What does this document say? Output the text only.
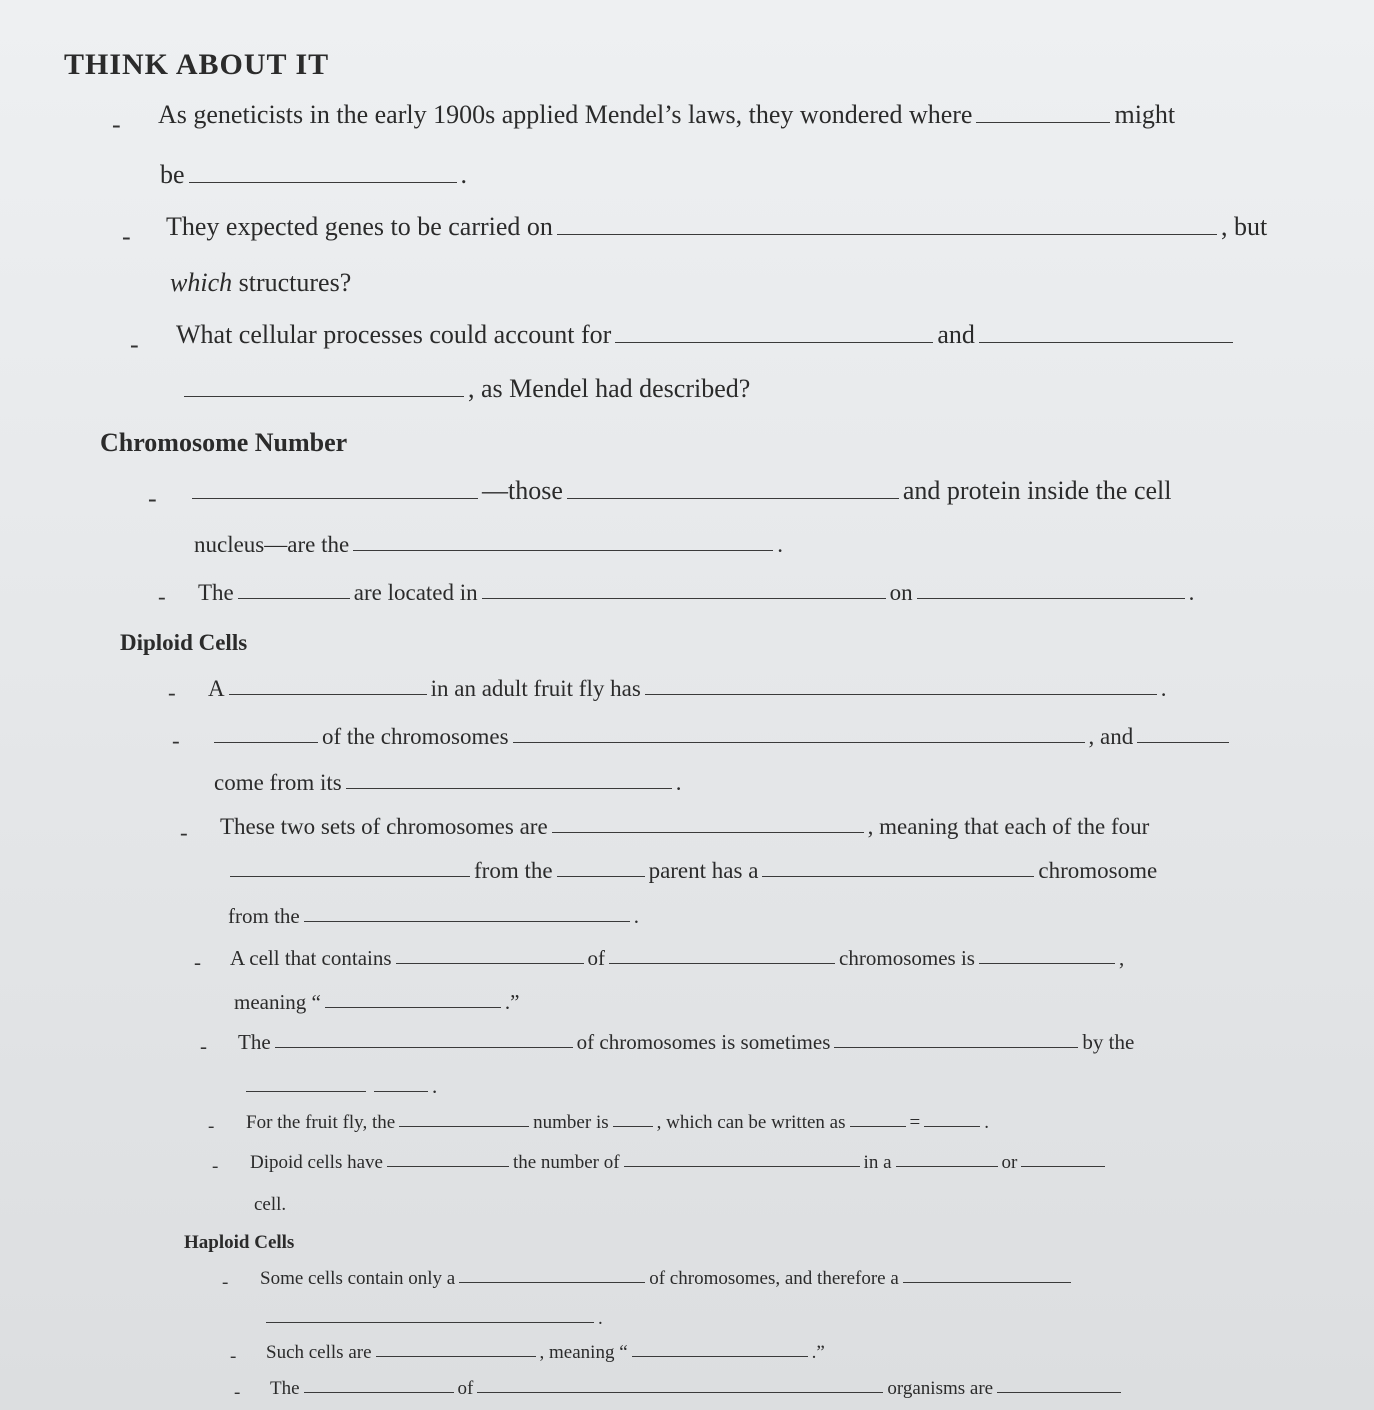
THINK ABOUT IT
- As geneticists in the early 1900s applied Mendel’s laws, they wondered where	might
be	.
- They expected genes to be carried on	, but
which structures?
- What cellular processes could account for	and
, as Mendel had described?
Chromosome Number
-	—those	and protein inside the cell
nucleus—are the	.
- The	are located in	on	.
Diploid Cells
- A	in an adult fruit fly has	.
-	of the chromosomes	, and
come from its	.
- These two sets of chromosomes are	, meaning that each of the four
from the	parent has a	chromosome
from the	.
- A cell that contains	of	chromosomes is	,
meaning “	.”
- The	of chromosomes is sometimes	by the
.
- For the fruit fly, the	number is	, which can be written as	=	.
- Dipoid cells have	the number of	in a	or
cell.
Haploid Cells
- Some cells contain only a	of chromosomes, and therefore a
.
- Such cells are	, meaning “	.”
- The	of	organisms are
